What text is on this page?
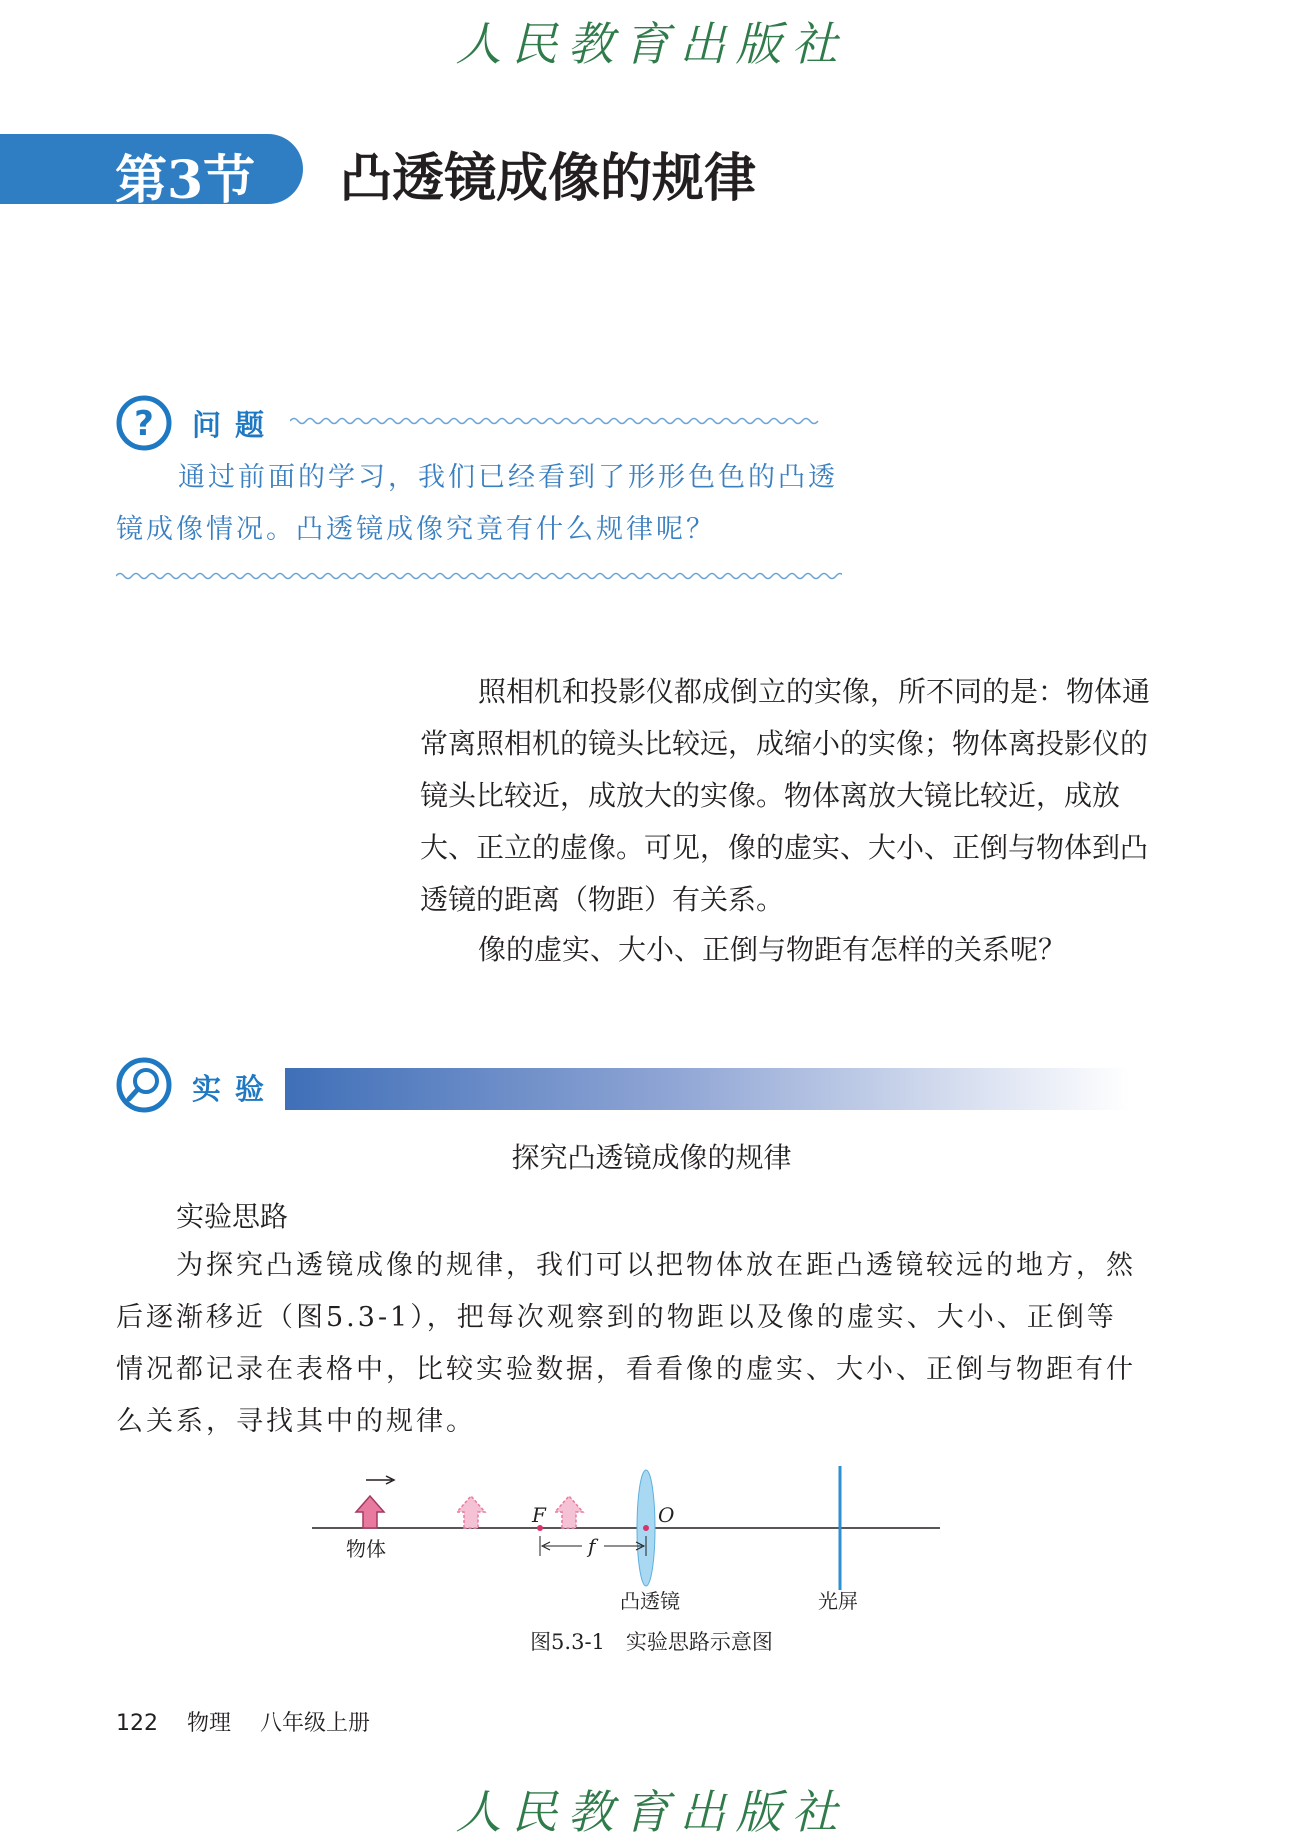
人民教育出版社
第3节 凸透镜成像的规律
? 问题
通过前面的学习，我们已经看到了形形色色的凸透镜成像情况。凸透镜成像究竟有什么规律呢？
照相机和投影仪都成倒立的实像，所不同的是：物体通常离照相机的镜头比较远，成缩小的实像；物体离投影仪的镜头比较近，成放大的实像。物体离放大镜比较近，成放大、正立的虚像。可见，像的虚实、大小、正倒与物体到凸透镜的距离（物距）有关系。
像的虚实、大小、正倒与物距有怎样的关系呢？
实验
探究凸透镜成像的规律
实验思路
为探究凸透镜成像的规律，我们可以把物体放在距凸透镜较远的地方，然后逐渐移近（图5.3-1），把每次观察到的物距以及像的虚实、大小、正倒等情况都记录在表格中，比较实验数据，看看像的虚实、大小、正倒与物距有什么关系，寻找其中的规律。
F	O
f
物体
凸透镜	光屏
图5.3-1　实验思路示意图
122 物理 八年级上册
人民教育出版社
